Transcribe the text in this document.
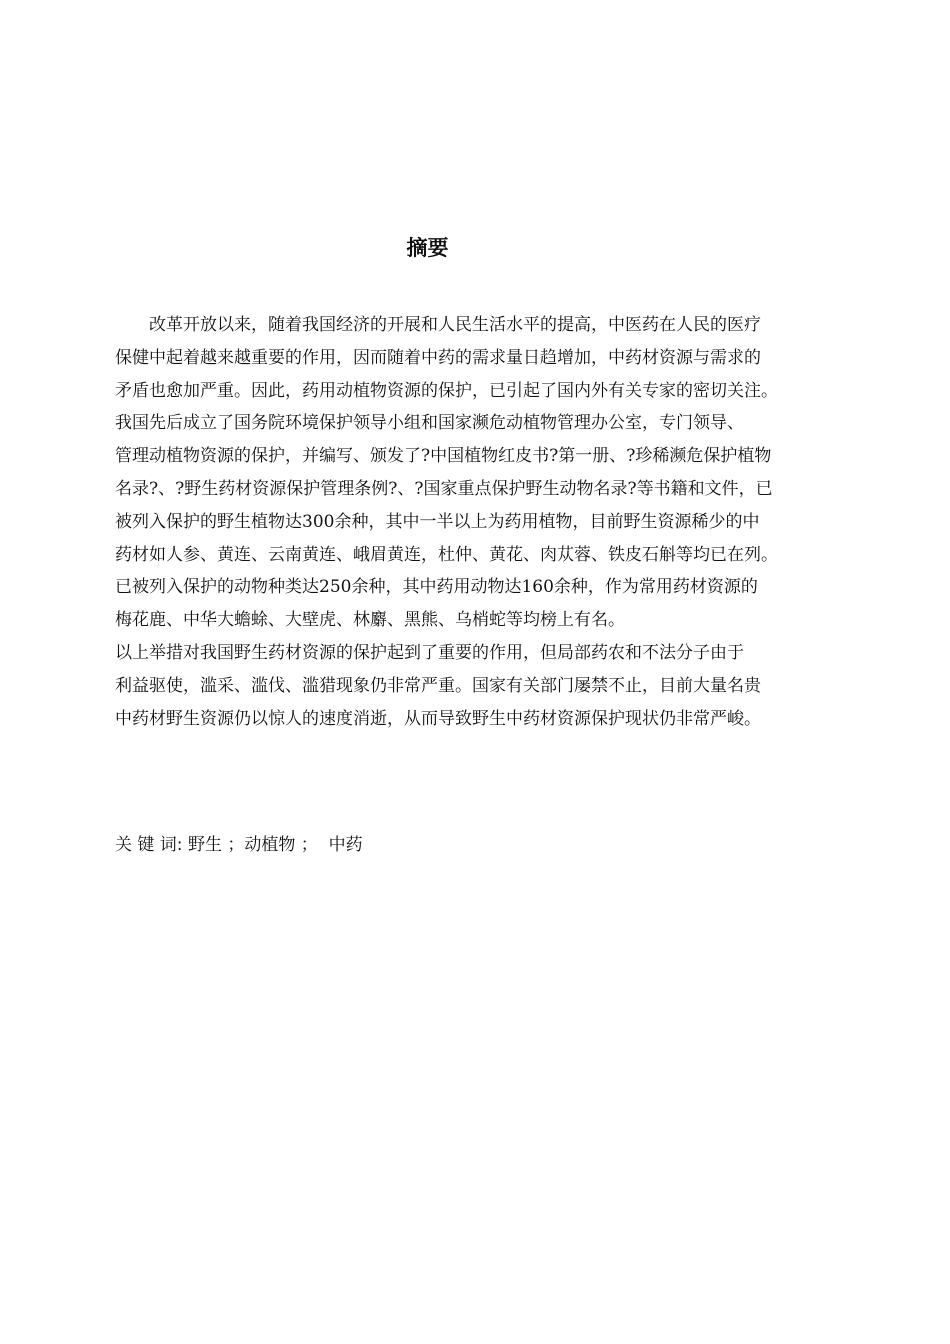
摘要
　　改革开放以来，随着我国经济的开展和人民生活水平的提高，中医药在人民的医疗
保健中起着越来越重要的作用，因而随着中药的需求量日趋增加，中药材资源与需求的
矛盾也愈加严重。因此，药用动植物资源的保护，已引起了国内外有关专家的密切关注。
我国先后成立了国务院环境保护领导小组和国家濒危动植物管理办公室，专门领导、
管理动植物资源的保护，并编写、颁发了?中国植物红皮书?第一册、?珍稀濒危保护植物
名录?、?野生药材资源保护管理条例?、?国家重点保护野生动物名录?等书籍和文件，已
被列入保护的野生植物达300余种，其中一半以上为药用植物，目前野生资源稀少的中
药材如人参、黄连、云南黄连、峨眉黄连，杜仲、黄花、肉苁蓉、铁皮石斛等均已在列。
已被列入保护的动物种类达250余种，其中药用动物达160余种，作为常用药材资源的
梅花鹿、中华大蟾蜍、大壁虎、林麝、黑熊、乌梢蛇等均榜上有名。
以上举措对我国野生药材资源的保护起到了重要的作用，但局部药农和不法分子由于
利益驱使，滥采、滥伐、滥猎现象仍非常严重。国家有关部门屡禁不止，目前大量名贵
中药材野生资源仍以惊人的速度消逝，从而导致野生中药材资源保护现状仍非常严峻。
关 键 词: 野生 ；动植物 ；  中药
